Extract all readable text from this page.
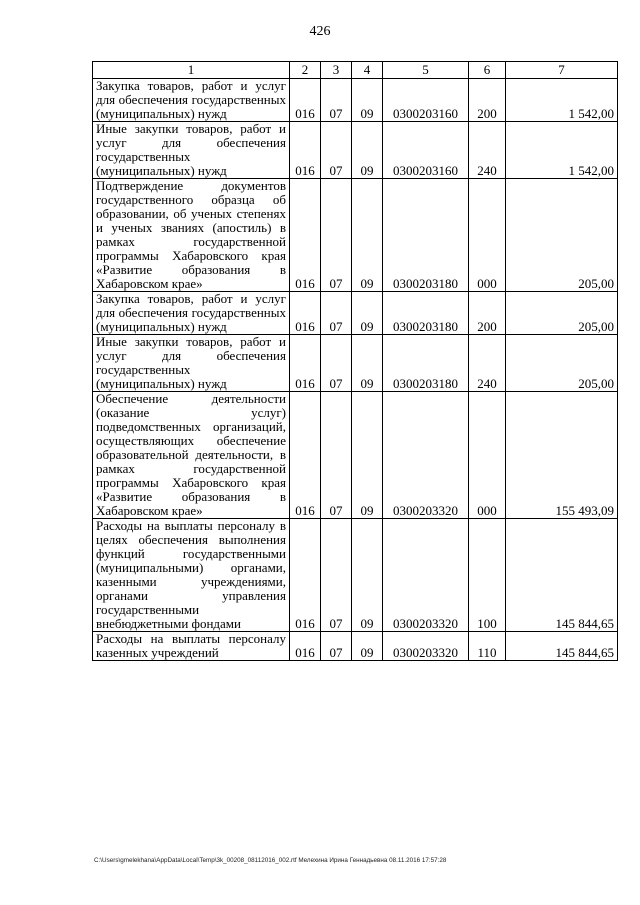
426
1	2	3	4	5	6	7
Закупка товаров, работ и услуг для обеспечения государственных (муниципальных) нужд	016	07	09	0300203160	200	1 542,00
Иные закупки товаров, работ и услуг для обеспечения государственных (муниципальных) нужд	016	07	09	0300203160	240	1 542,00
Подтверждение документов государственного образца об образовании, об ученых степенях и ученых званиях (апостиль) в рамках государственной программы Хабаровского края «Развитие образования в Хабаровском крае»	016	07	09	0300203180	000	205,00
Закупка товаров, работ и услуг для обеспечения государственных (муниципальных) нужд	016	07	09	0300203180	200	205,00
Иные закупки товаров, работ и услуг для обеспечения государственных (муниципальных) нужд	016	07	09	0300203180	240	205,00
Обеспечение деятельности (оказание услуг) подведомственных организаций, осуществляющих обеспечение образовательной деятельности, в рамках государственной программы Хабаровского края «Развитие образования в Хабаровском крае»	016	07	09	0300203320	000	155 493,09
Расходы на выплаты персоналу в целях обеспечения выполнения функций государственными (муниципальными) органами, казенными учреждениями, органами управления государственными внебюджетными фондами	016	07	09	0300203320	100	145 844,65
Расходы на выплаты персоналу казенных учреждений	016	07	09	0300203320	110	145 844,65
C:\Users\gmelekhana\AppData\Local\Temp\3k_00208_08112016_002.rtf Мелехина Ирина Геннадьевна 08.11.2016 17:57:28
